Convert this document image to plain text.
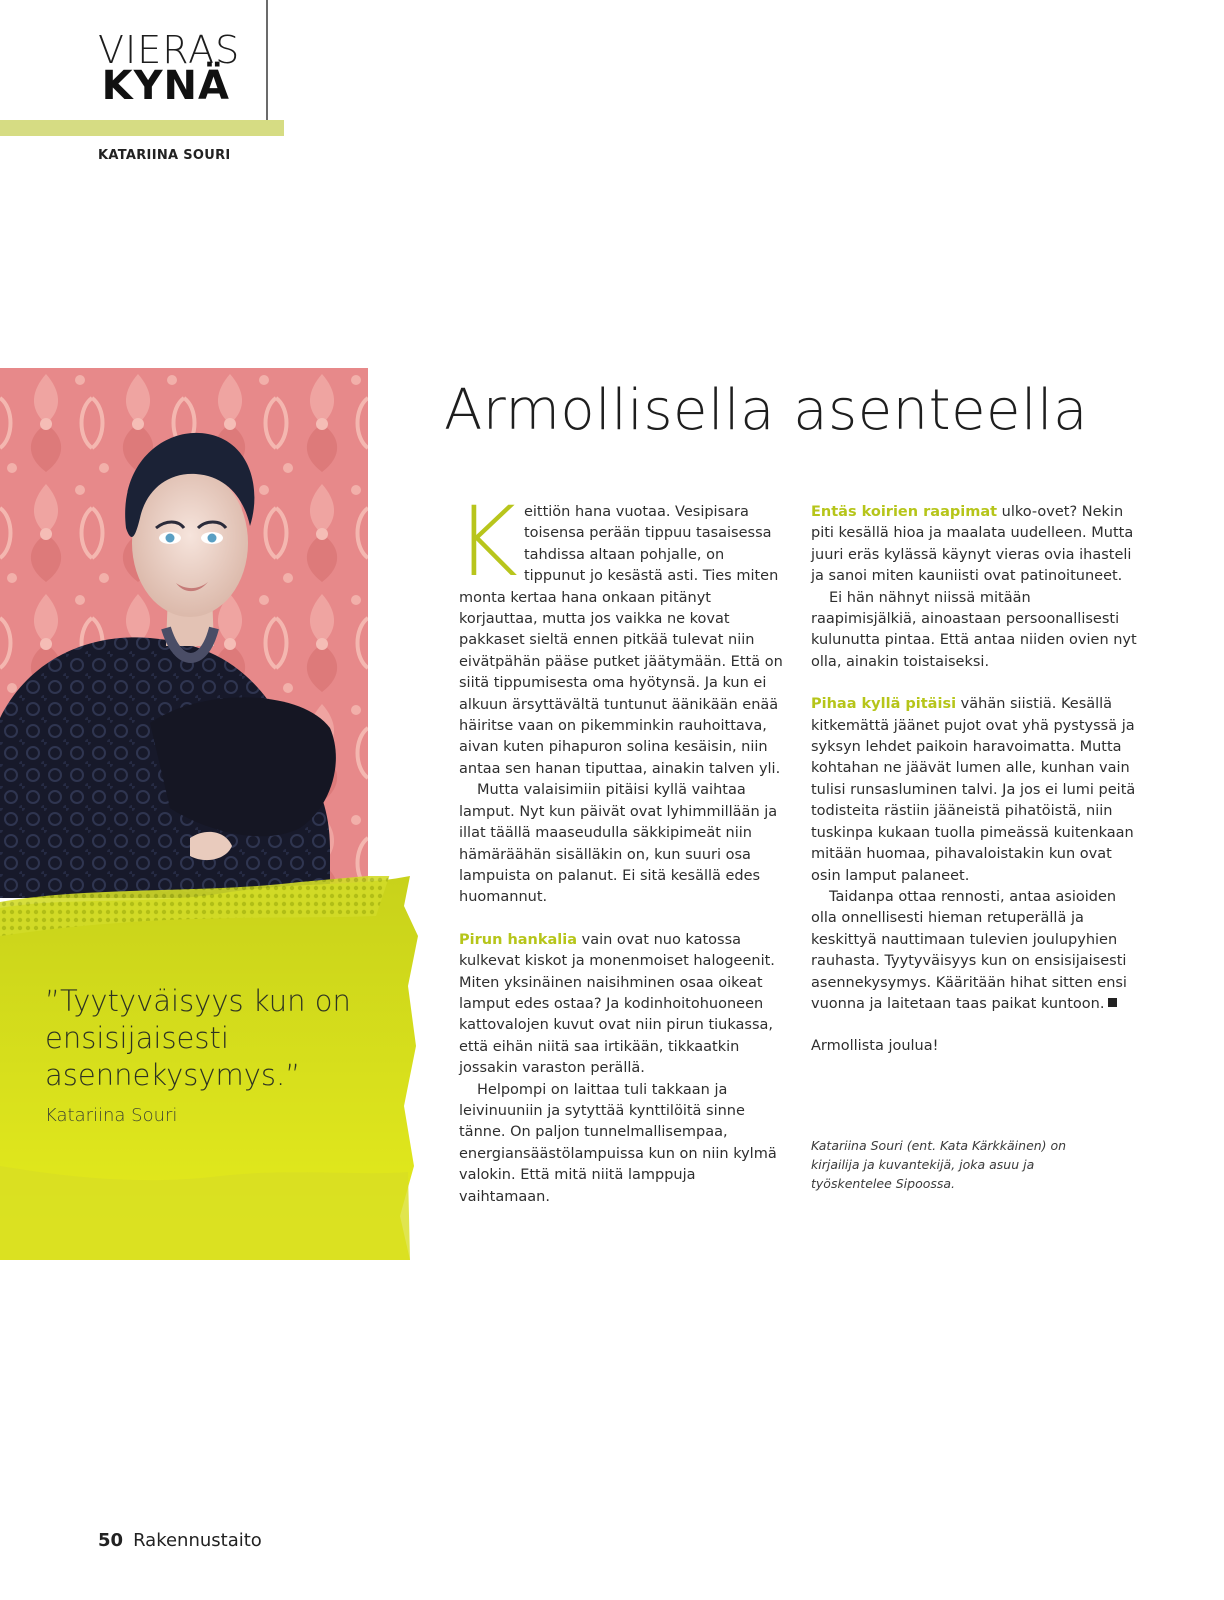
VIERAS
KYNÄ
KATARIINA SOURI
”Tyytyväisyys kun on ensisijaisesti asennekysymys.”
Katariina Souri
Armollisella asenteella

Keittiön hana vuotaa. Vesipisara toisensa perään tippuu tasaisessa tahdissa altaan pohjalle, on tippunut jo kesästä asti. Ties miten monta kertaa hana onkaan pitänyt korjauttaa, mutta jos vaikka ne kovat pakkaset sieltä ennen pitkää tulevat niin eivätpähän pääse putket jäätymään. Että on siitä tippumisesta oma hyötynsä. Ja kun ei alkuun ärsyttävältä tuntunut äänikään enää häiritse vaan on pikemminkin rauhoittava, aivan kuten pihapuron solina kesäisin, niin antaa sen hanan tiputtaa, ainakin talven yli.

Mutta valaisimiin pitäisi kyllä vaihtaa lamput. Nyt kun päivät ovat lyhimmillään ja illat täällä maaseudulla säkkipimeät niin hämäräähän sisälläkin on, kun suuri osa lampuista on palanut. Ei sitä kesällä edes huomannut.

Pirun hankalia vain ovat nuo katossa kulkevat kiskot ja monenmoiset halogeenit. Miten yksinäinen naisihminen osaa oikeat lamput edes ostaa? Ja kodinhoitohuoneen kattovalojen kuvut ovat niin pirun tiukassa, että eihän niitä saa irtikään, tikkaatkin jossakin varaston perällä.

Helpompi on laittaa tuli takkaan ja leivinuuniin ja sytyttää kynttilöitä sinne tänne. On paljon tunnelmallisempaa, energiansäästölampuissa kun on niin kylmä valokin. Että mitä niitä lamppuja vaihtamaan.

Entäs koirien raapimat ulko-ovet? Nekin piti kesällä hioa ja maalata uudelleen. Mutta juuri eräs kylässä käynyt vieras ovia ihasteli ja sanoi miten kauniisti ovat patinoituneet.

Ei hän nähnyt niissä mitään raapimisjälkiä, ainoastaan persoonallisesti kulunutta pintaa. Että antaa niiden ovien nyt olla, ainakin toistaiseksi.

Pihaa kyllä pitäisi vähän siistiä. Kesällä kitkemättä jäänet pujot ovat yhä pystyssä ja syksyn lehdet paikoin haravoimatta. Mutta kohtahan ne jäävät lumen alle, kunhan vain tulisi runsasluminen talvi. Ja jos ei lumi peitä todisteita rästiin jääneistä pihatöistä, niin tuskinpa kukaan tuolla pimeässä kuitenkaan mitään huomaa, pihavaloistakin kun ovat osin lamput palaneet.

Taidanpa ottaa rennosti, antaa asioiden olla onnellisesti hieman retuperällä ja keskittyä nauttimaan tulevien joulupyhien rauhasta. Tyytyväisyys kun on ensisijaisesti asennekysymys. Kääritään hihat sitten ensi vuonna ja laitetaan taas paikat kuntoon.

Armollista joulua!

Katariina Souri (ent. Kata Kärkkäinen) on kirjailija ja kuvantekijä, joka asuu ja työskentelee Sipoossa.

50 Rakennustaito
